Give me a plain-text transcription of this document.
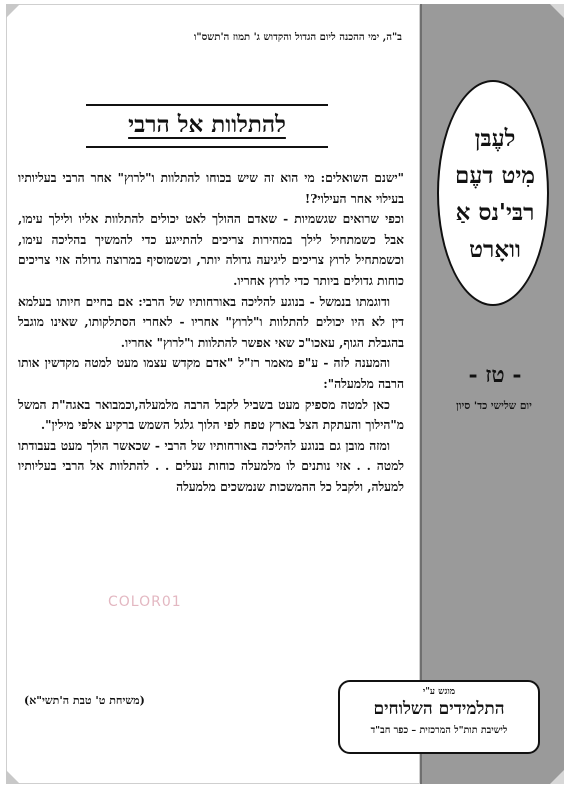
ב"ה, ימי ההכנה ליום הגדול והקדוש ג' תמוז ה'תשס"ו
להתלוות אל הרבי

"ישנם השואלים: מי הוא זה שיש בכוחו להתלוות ו"לרוץ" אחר הרבי בעליותיו בעילוי אחר העילוי?!

וכפי שרואים שגשמיות - שאדם ההולך לאט יכולים להתלוות אליו ולילך עימו, אבל כשמתחיל לילך במהירות צריכים להתייגע כדי להמשיך בהליכה עימו, וכשמתחיל לרוץ צריכים ליגיעה גדולה יותר, וכשמוסיף במרוצה גדולה אזי צריכים כוחות גדולים ביותר כדי לרוץ אחריו.

ודוגמתו בנמשל - בנוגע להליכה באורחותיו של הרבי: אם בחיים חיותו בעלמא דין לא היו יכולים להתלוות ו"לרוץ" אחריו - לאחרי הסתלקותו, שאינו מוגבל בהגבלת הגוף, עאכו"כ שאי אפשר להתלוות ו"לרוץ" אחריו.

והמענה לזה - ע"פ מאמר רז"ל "אדם מקדש עצמו מעט למטה מקדשין אותו הרבה מלמעלה":

כאן למטה מספיק מעט בשביל לקבל הרבה מלמעלה,וכמבואר באגה"ת המשל מ"הילוך והעתקת הצל בארץ טפח לפי הלוך גלגל השמש ברקיע אלפי מילין".

ומזה מובן גם בנוגע להליכה באורחותיו של הרבי - שכאשר הולך מעט בעבודתו למטה . . אזי נותנים לו מלמעלה כוחות נעלים . . להתלוות אל הרבי בעליותיו למעלה, ולקבל כל ההמשכות שנמשכים מלמעלה

(משיחת ט' טבת ה'תשי"א)
COLOR01
לעֶבּן
מִיט דעֶם
רבּי'נס אַ
וואָרט
- טז -
יום שלישי כד' סיון
מוגש ע"י
התלמידים השלוחים
לישיבת תות"ל המרכזית – כפר חב"ד
